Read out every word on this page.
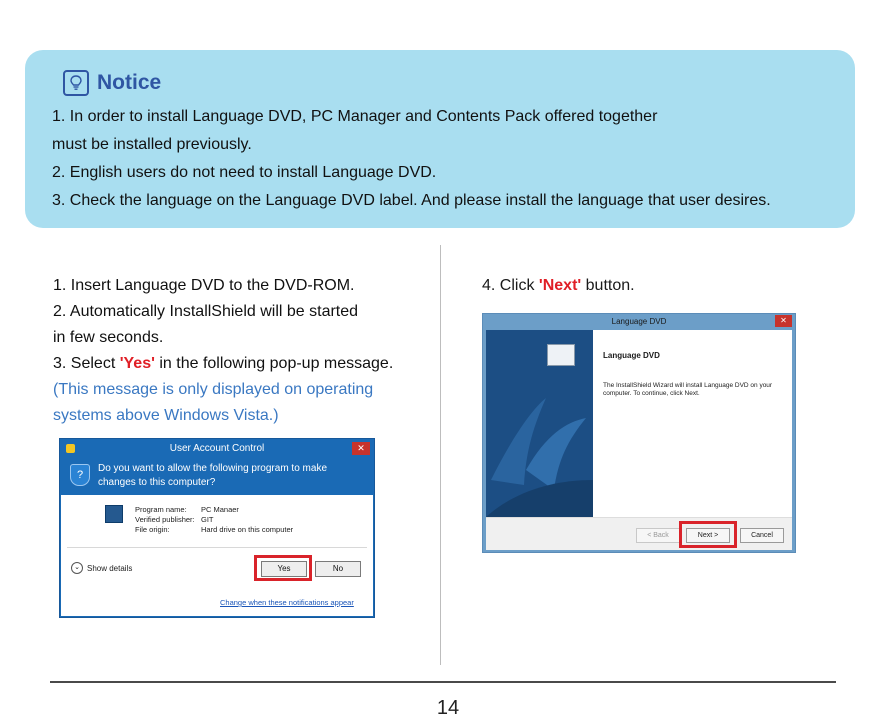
Notice
1. In order to install Language DVD, PC Manager and Contents Pack offered together
must be installed previously.
2. English users do not need to install Language DVD.
3. Check the language on the Language DVD label. And please install the language that user desires.
1. Insert Language DVD to the DVD-ROM.
2. Automatically InstallShield will be started
in few seconds.
3. Select 'Yes' in the following pop-up message.
(This message is only displayed on operating
systems above Windows Vista.)
4. Click 'Next' button.
User Account Control	✕
?
Do you want to allow the following program to make
changes to this computer?
Program name:	PC Manaer
Verified publisher: GIT
File origin:	Hard drive on this computer
⌄ Show details	Yes	No
Change when these notifications appear
Language DVD	✕
Language DVD
The InstallShield Wizard will install Language DVD on your computer. To continue, click Next.
< Back	Next >	Cancel
14
